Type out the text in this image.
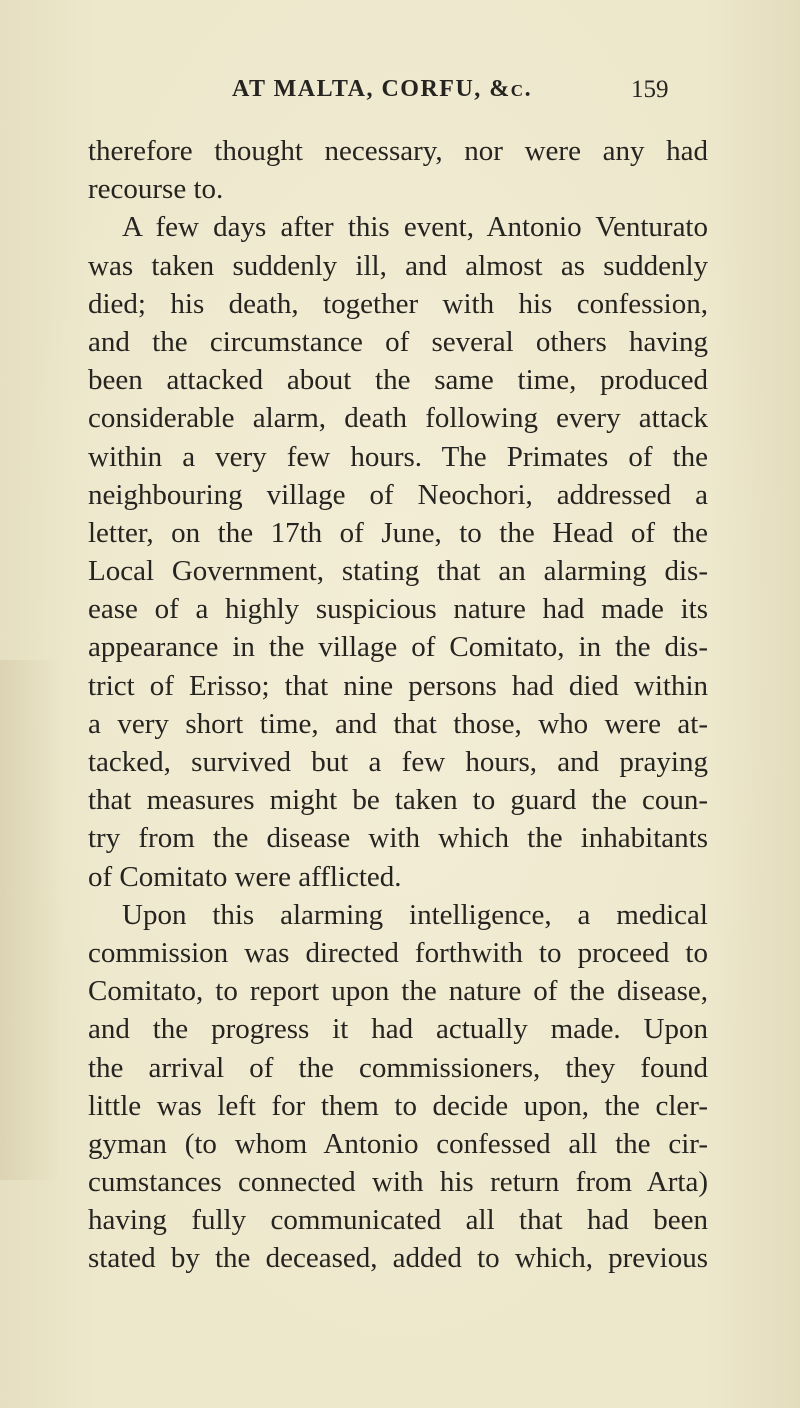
AT MALTA, CORFU, &c.	159
therefore thought necessary, nor were any had
recourse to.
A few days after this event, Antonio Venturato
was taken suddenly ill, and almost as suddenly
died; his death, together with his confession,
and the circumstance of several others having
been attacked about the same time, produced
considerable alarm, death following every attack
within a very few hours. The Primates of the
neighbouring village of Neochori, addressed a
letter, on the 17th of June, to the Head of the
Local Government, stating that an alarming dis-
ease of a highly suspicious nature had made its
appearance in the village of Comitato, in the dis-
trict of Erisso; that nine persons had died within
a very short time, and that those, who were at-
tacked, survived but a few hours, and praying
that measures might be taken to guard the coun-
try from the disease with which the inhabitants
of Comitato were afflicted.
Upon this alarming intelligence, a medical
commission was directed forthwith to proceed to
Comitato, to report upon the nature of the disease,
and the progress it had actually made. Upon
the arrival of the commissioners, they found
little was left for them to decide upon, the cler-
gyman (to whom Antonio confessed all the cir-
cumstances connected with his return from Arta)
having fully communicated all that had been
stated by the deceased, added to which, previous
